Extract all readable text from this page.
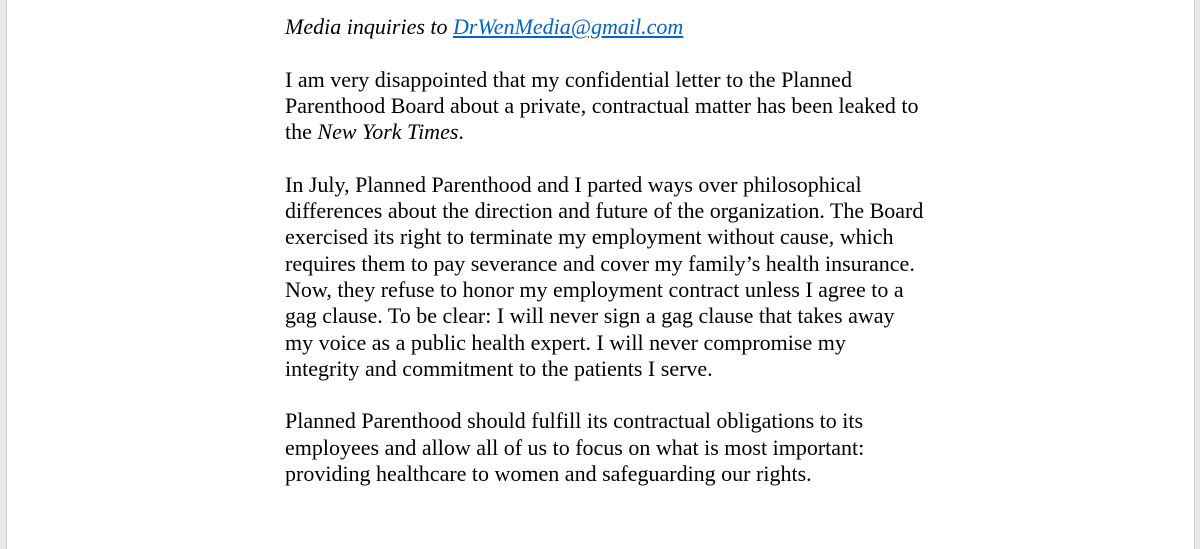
Media inquiries to DrWenMedia@gmail.com

I am very disappointed that my confidential letter to the Planned Parenthood Board about a private, contractual matter has been leaked to the New York Times.

In July, Planned Parenthood and I parted ways over philosophical differences about the direction and future of the organization. The Board exercised its right to terminate my employment without cause, which requires them to pay severance and cover my family’s health insurance. Now, they refuse to honor my employment contract unless I agree to a gag clause. To be clear: I will never sign a gag clause that takes away my voice as a public health expert. I will never compromise my integrity and commitment to the patients I serve.

Planned Parenthood should fulfill its contractual obligations to its employees and allow all of us to focus on what is most important: providing healthcare to women and safeguarding our rights.
